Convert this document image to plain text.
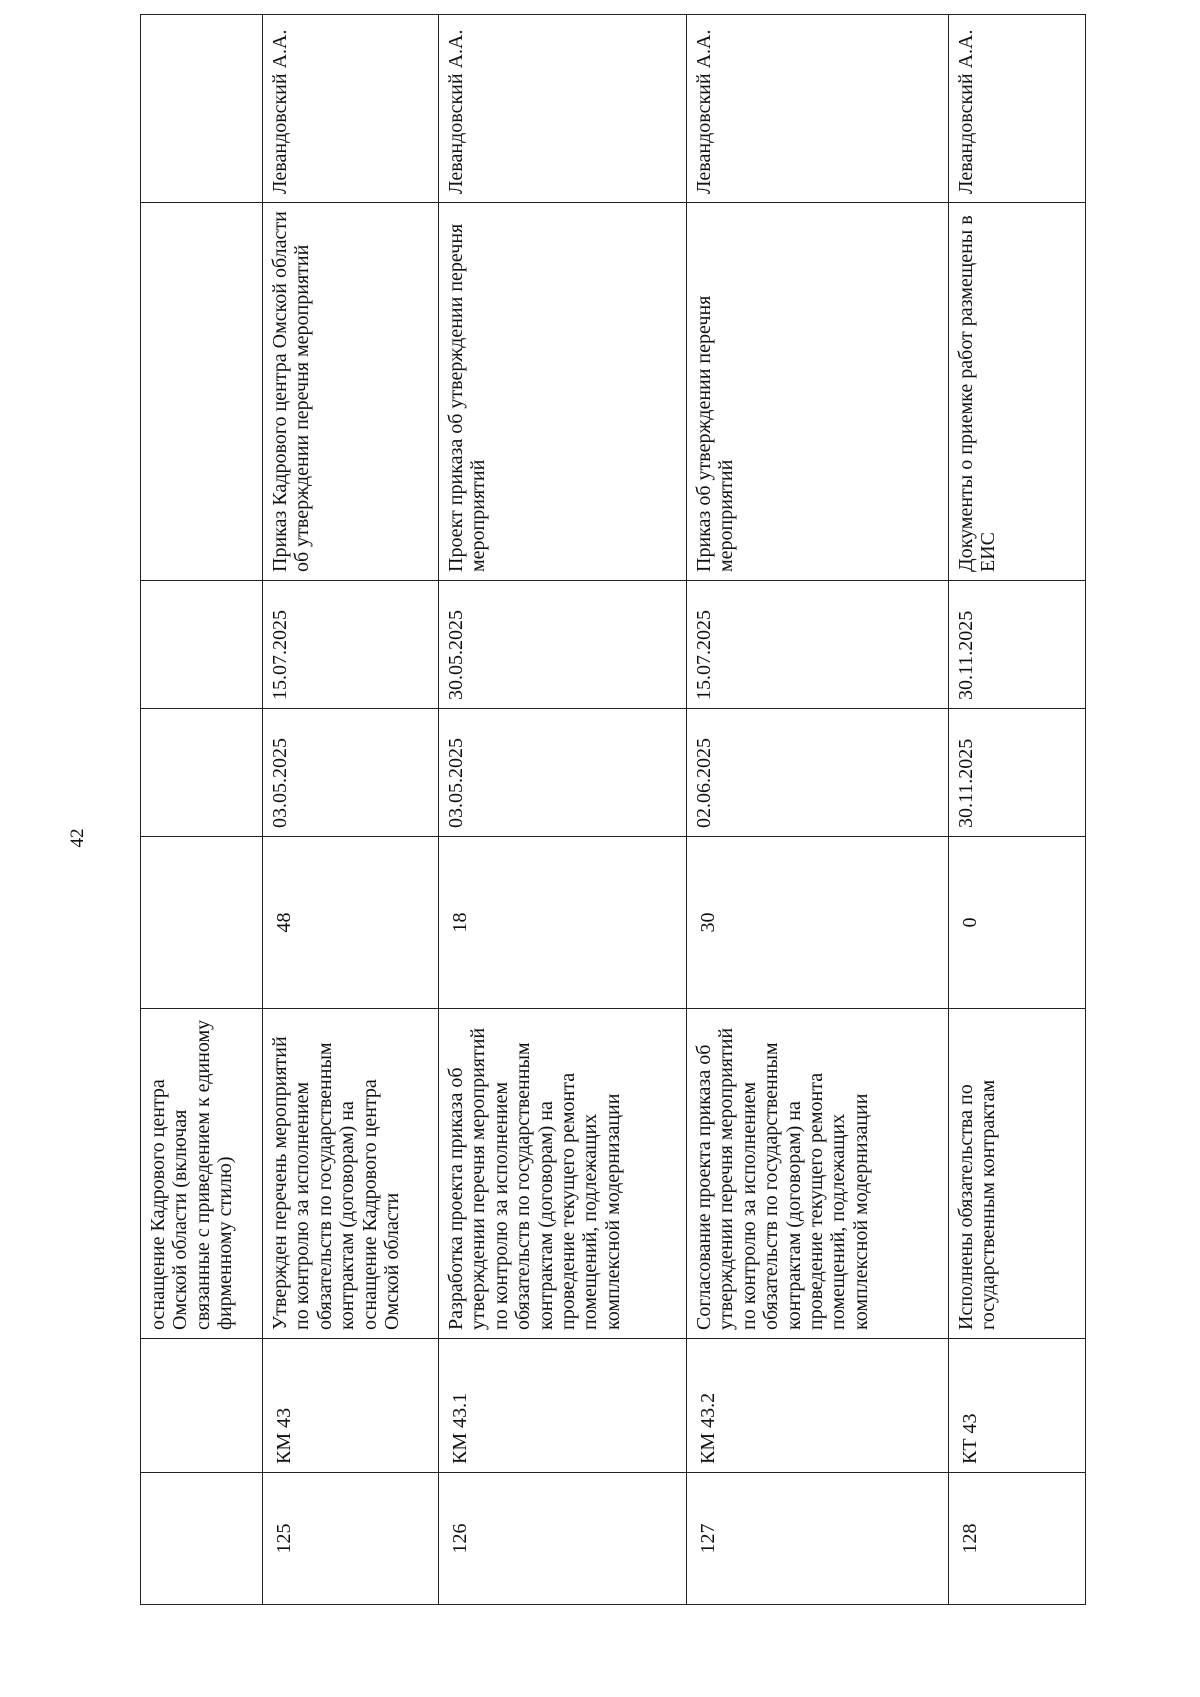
42
		оснащение Кадрового центра Омской области (включая связанные с приведением к единому фирменному стилю)					
125	КМ 43	Утвержден перечень мероприятий по контролю за исполнением обязательств по государственным контрактам (договорам) на оснащение Кадрового центра Омской области	48	03.05.2025	15.07.2025	Приказ Кадрового центра Омской области об утверждении перечня мероприятий	Левандовский А.А.
126	КМ 43.1	Разработка проекта приказа об утверждении перечня мероприятий по контролю за исполнением обязательств по государственным контрактам (договорам) на проведение текущего ремонта помещений, подлежащих комплексной модернизации	18	03.05.2025	30.05.2025	Проект приказа об утверждении перечня мероприятий	Левандовский А.А.
127	КМ 43.2	Согласование проекта приказа об утверждении перечня мероприятий по контролю за исполнением обязательств по государственным контрактам (договорам) на проведение текущего ремонта помещений, подлежащих комплексной модернизации	30	02.06.2025	15.07.2025	Приказ об утверждении перечня мероприятий	Левандовский А.А.
128	КТ 43	Исполнены обязательства по государственным контрактам	0	30.11.2025	30.11.2025	Документы о приемке работ размещены в ЕИС	Левандовский А.А.
